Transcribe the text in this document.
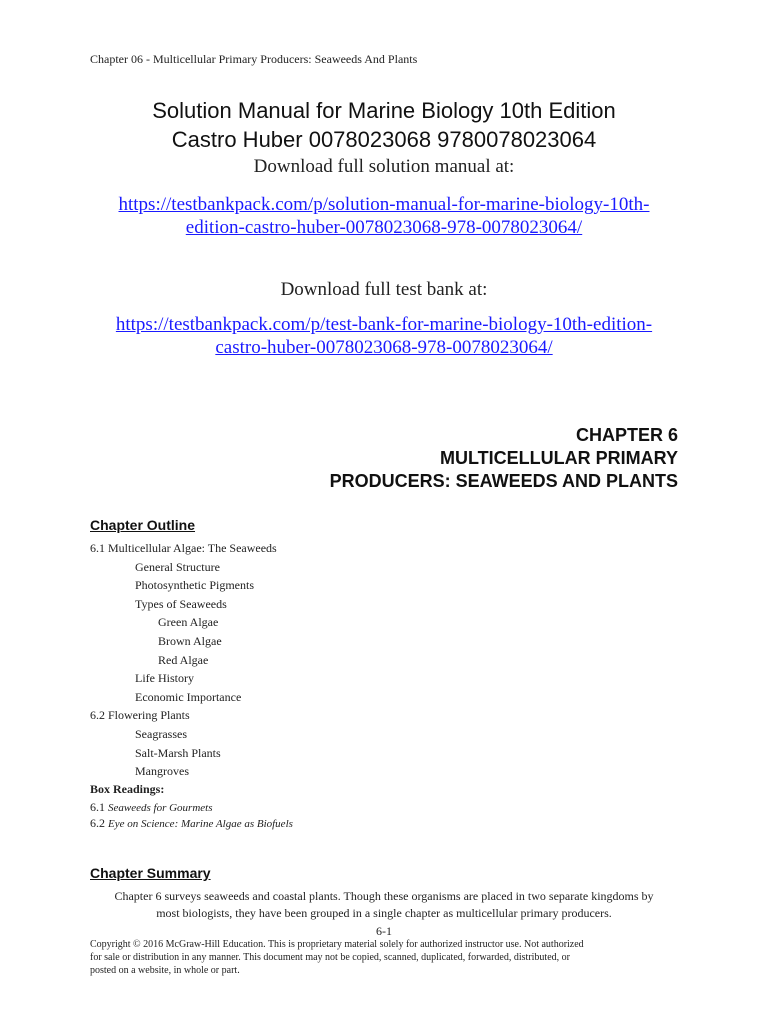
Chapter 06 - Multicellular Primary Producers: Seaweeds And Plants
Solution Manual for Marine Biology 10th Edition
Castro Huber 0078023068 9780078023064
Download full solution manual at:
https://testbankpack.com/p/solution-manual-for-marine-biology-10th-
edition-castro-huber-0078023068-978-0078023064/
Download full test bank at:
https://testbankpack.com/p/test-bank-for-marine-biology-10th-edition-
castro-huber-0078023068-978-0078023064/
CHAPTER 6
MULTICELLULAR PRIMARY
PRODUCERS: SEAWEEDS AND PLANTS
Chapter Outline
6.1 Multicellular Algae: The Seaweeds
General Structure
Photosynthetic Pigments
Types of Seaweeds
Green Algae
Brown Algae
Red Algae
Life History
Economic Importance
6.2 Flowering Plants
Seagrasses
Salt-Marsh Plants
Mangroves
Box Readings:
6.1 Seaweeds for Gourmets
6.2 Eye on Science: Marine Algae as Biofuels
Chapter Summary
Chapter 6 surveys seaweeds and coastal plants. Though these organisms are placed in two separate kingdoms by
most biologists, they have been grouped in a single chapter as multicellular primary producers.
6-1
Copyright © 2016 McGraw-Hill Education. This is proprietary material solely for authorized instructor use. Not authorized
for sale or distribution in any manner. This document may not be copied, scanned, duplicated, forwarded, distributed, or
posted on a website, in whole or part.
